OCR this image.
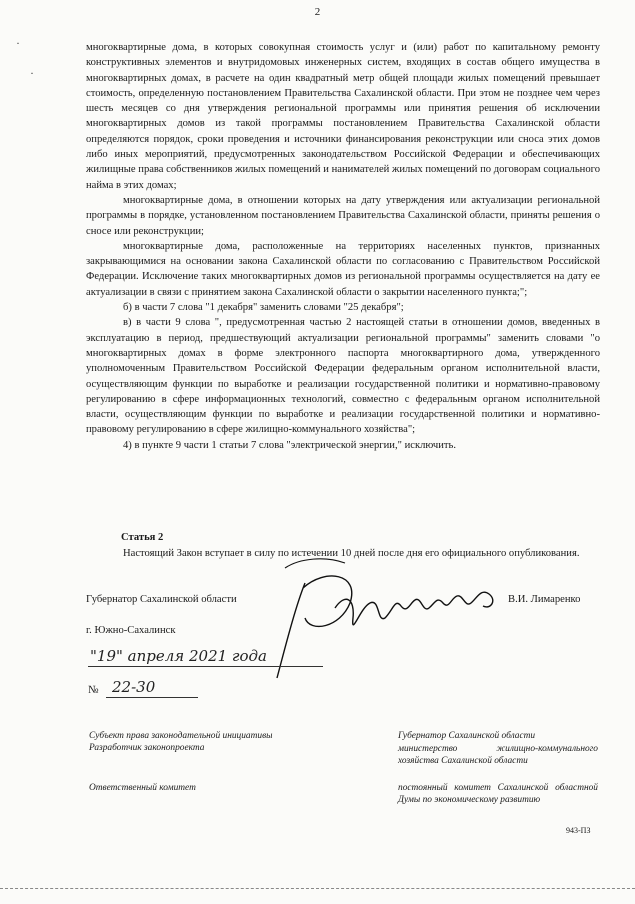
2
·
·

многоквартирные дома, в которых совокупная стоимость услуг и (или) работ по капитальному ремонту конструктивных элементов и внутридомовых инженерных систем, входящих в состав общего имущества в многоквартирных домах, в расчете на один квадратный метр общей площади жилых помещений превышает стоимость, определенную постановлением Правительства Сахалинской области. При этом не позднее чем через шесть месяцев со дня утверждения региональной программы или принятия решения об исключении многоквартирных домов из такой программы постановлением Правительства Сахалинской области определяются порядок, сроки проведения и источники финансирования реконструкции или сноса этих домов либо иных мероприятий, предусмотренных законодательством Российской Федерации и обеспечивающих жилищные права собственников жилых помещений и нанимателей жилых помещений по договорам социального найма в этих домах;

многоквартирные дома, в отношении которых на дату утверждения или актуализации региональной программы в порядке, установленном постановлением Правительства Сахалинской области, приняты решения о сносе или реконструкции;

многоквартирные дома, расположенные на территориях населенных пунктов, признанных закрывающимися на основании закона Сахалинской области по согласованию с Правительством Российской Федерации. Исключение таких многоквартирных домов из региональной программы осуществляется на дату ее актуализации в связи с принятием закона Сахалинской области о закрытии населенного пункта;";

б) в части 7 слова "1 декабря" заменить словами "25 декабря";

в) в части 9 слова ", предусмотренная частью 2 настоящей статьи в отношении домов, введенных в эксплуатацию в период, предшествующий актуализации региональной программы" заменить словами "о многоквартирных домах в форме электронного паспорта многоквартирного дома, утвержденного уполномоченным Правительством Российской Федерации федеральным органом исполнительной власти, осуществляющим функции по выработке и реализации государственной политики и нормативно-правовому регулированию в сфере информационных технологий, совместно с федеральным органом исполнительной власти, осуществляющим функции по выработке и реализации государственной политики и нормативно-правовому регулированию в сфере жилищно-коммунального хозяйства";

4) в пункте 9 части 1 статьи 7 слова "электрической энергии," исключить.

Статья 2

Настоящий Закон вступает в силу по истечении 10 дней после дня его официального опубликования.

Губернатор Сахалинской области	В.И. Лимаренко
г. Южно-Сахалинск
"19" апреля 2021 года
№ 22-30
Субъект права законодательной инициативы
Разработчик законопроекта
Ответственный комитет
Губернатор Сахалинской области
министерство жилищно-коммунального хозяйства Сахалинской области
постоянный комитет Сахалинской областной Думы по экономическому развитию
943-ПЗ
